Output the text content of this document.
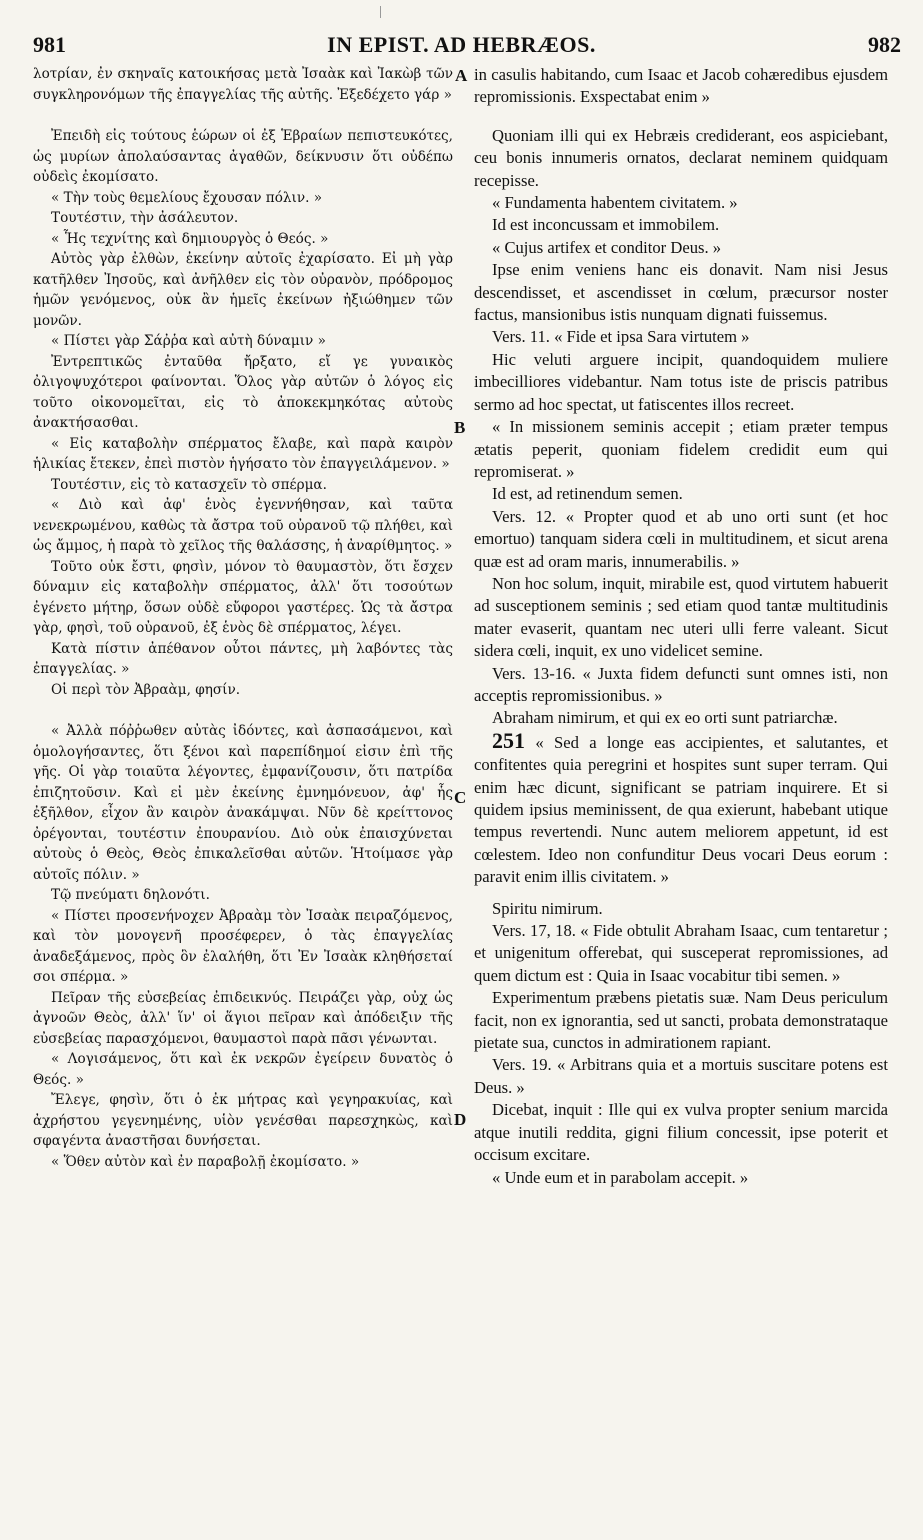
981	IN EPIST. AD HEBRÆOS.	982
A
B
C
D

λοτρίαν, ἐν σκηναῖς κατοικήσας μετὰ Ἰσαὰκ καὶ Ἰακὼβ τῶν συγκληρονόμων τῆς ἐπαγγελίας τῆς αὐτῆς. Ἐξεδέχετο γάρ »

Ἐπειδὴ εἰς τούτους ἑώρων οἱ ἐξ Ἑβραίων πεπιστευκότες, ὡς μυρίων ἀπολαύσαντας ἀγαθῶν, δείκνυσιν ὅτι οὐδέπω οὐδεὶς ἐκομίσατο.

« Τὴν τοὺς θεμελίους ἔχουσαν πόλιν. »

Τουτέστιν, τὴν ἀσάλευτον.

« Ἧς τεχνίτης καὶ δημιουργὸς ὁ Θεός. »

Αὐτὸς γὰρ ἐλθὼν, ἐκείνην αὐτοῖς ἐχαρίσατο. Εἰ μὴ γὰρ κατῆλθεν Ἰησοῦς, καὶ ἀνῆλθεν εἰς τὸν οὐρανὸν, πρόδρομος ἡμῶν γενόμενος, οὐκ ἂν ἡμεῖς ἐκείνων ἠξιώθημεν τῶν μονῶν.

« Πίστει γὰρ Σάῤῥα καὶ αὐτὴ δύναμιν »

Ἐντρεπτικῶς ἐνταῦθα ἤρξατο, εἴ γε γυναικὸς ὀλιγοψυχότεροι φαίνονται. Ὅλος γὰρ αὐτῶν ὁ λόγος εἰς τοῦτο οἰκονομεῖται, εἰς τὸ ἀποκεκμηκότας αὐτοὺς ἀνακτήσασθαι.

« Εἰς καταβολὴν σπέρματος ἔλαβε, καὶ παρὰ καιρὸν ἡλικίας ἔτεκεν, ἐπεὶ πιστὸν ἡγήσατο τὸν ἐπαγγειλάμενον. »

Τουτέστιν, εἰς τὸ κατασχεῖν τὸ σπέρμα.

« Διὸ καὶ ἀφ' ἑνὸς ἐγεννήθησαν, καὶ ταῦτα νενεκρωμένου, καθὼς τὰ ἄστρα τοῦ οὐρανοῦ τῷ πλήθει, καὶ ὡς ἄμμος, ἡ παρὰ τὸ χεῖλος τῆς θαλάσσης, ἡ ἀναρίθμητος. »

Τοῦτο οὐκ ἔστι, φησὶν, μόνον τὸ θαυμαστὸν, ὅτι ἔσχεν δύναμιν εἰς καταβολὴν σπέρματος, ἀλλ' ὅτι τοσούτων ἐγένετο μήτηρ, ὅσων οὐδὲ εὔφοροι γαστέρες. Ὡς τὰ ἄστρα γὰρ, φησὶ, τοῦ οὐρανοῦ, ἐξ ἑνὸς δὲ σπέρματος, λέγει.

Κατὰ πίστιν ἀπέθανον οὗτοι πάντες, μὴ λαβόντες τὰς ἐπαγγελίας. »

Οἱ περὶ τὸν Ἀβραὰμ, φησίν.

« Ἀλλὰ πόῤῥωθεν αὐτὰς ἰδόντες, καὶ ἀσπασάμενοι, καὶ ὁμολογήσαντες, ὅτι ξένοι καὶ παρεπίδημοί εἰσιν ἐπὶ τῆς γῆς. Οἱ γὰρ τοιαῦτα λέγοντες, ἐμφανίζουσιν, ὅτι πατρίδα ἐπιζητοῦσιν. Καὶ εἰ μὲν ἐκείνης ἐμνημόνευον, ἀφ' ἧς ἐξῆλθον, εἶχον ἂν καιρὸν ἀνακάμψαι. Νῦν δὲ κρείττονος ὀρέγονται, τουτέστιν ἐπουρανίου. Διὸ οὐκ ἐπαισχύνεται αὐτοὺς ὁ Θεὸς, Θεὸς ἐπικαλεῖσθαι αὐτῶν. Ἡτοίμασε γὰρ αὐτοῖς πόλιν. »

Τῷ πνεύματι δηλονότι.

« Πίστει προσενήνοχεν Ἀβραὰμ τὸν Ἰσαὰκ πειραζόμενος, καὶ τὸν μονογενῆ προσέφερεν, ὁ τὰς ἐπαγγελίας ἀναδεξάμενος, πρὸς ὃν ἐλαλήθη, ὅτι Ἐν Ἰσαὰκ κληθήσεταί σοι σπέρμα. »

Πεῖραν τῆς εὐσεβείας ἐπιδεικνύς. Πειράζει γὰρ, οὐχ ὡς ἀγνοῶν Θεὸς, ἀλλ' ἵν' οἱ ἅγιοι πεῖραν καὶ ἀπόδειξιν τῆς εὐσεβείας παρασχόμενοι, θαυμαστοὶ παρὰ πᾶσι γένωνται.

« Λογισάμενος, ὅτι καὶ ἐκ νεκρῶν ἐγείρειν δυνατὸς ὁ Θεός. »

Ἔλεγε, φησὶν, ὅτι ὁ ἐκ μήτρας καὶ γεγηρακυίας, καὶ ἀχρήστου γεγενημένης, υἱὸν γενέσθαι παρεσχηκὼς, καὶ σφαγέντα ἀναστῆσαι δυνήσεται.

« Ὅθεν αὐτὸν καὶ ἐν παραβολῇ ἐκομίσατο. »

in casulis habitando, cum Isaac et Jacob cohæredibus ejusdem repromissionis. Exspectabat enim »

Quoniam illi qui ex Hebræis crediderant, eos aspiciebant, ceu bonis innumeris ornatos, declarat neminem quidquam recepisse.

« Fundamenta habentem civitatem. »

Id est inconcussam et immobilem.

« Cujus artifex et conditor Deus. »

Ipse enim veniens hanc eis donavit. Nam nisi Jesus descendisset, et ascendisset in cœlum, præcursor noster factus, mansionibus istis nunquam dignati fuissemus.

Vers. 11. « Fide et ipsa Sara virtutem »

Hic veluti arguere incipit, quandoquidem muliere imbecilliores videbantur. Nam totus iste de priscis patribus sermo ad hoc spectat, ut fatiscentes illos recreet.

« In missionem seminis accepit ; etiam præter tempus ætatis peperit, quoniam fidelem credidit eum qui repromiserat. »

Id est, ad retinendum semen.

Vers. 12. « Propter quod et ab uno orti sunt (et hoc emortuo) tanquam sidera cœli in multitudinem, et sicut arena quæ est ad oram maris, innumerabilis. »

Non hoc solum, inquit, mirabile est, quod virtutem habuerit ad susceptionem seminis ; sed etiam quod tantæ multitudinis mater evaserit, quantam nec uteri ulli ferre valeant. Sicut sidera cœli, inquit, ex uno videlicet semine.

Vers. 13-16. « Juxta fidem defuncti sunt omnes isti, non acceptis repromissionibus. »

Abraham nimirum, et qui ex eo orti sunt patriarchæ.

251 « Sed a longe eas accipientes, et salutantes, et confitentes quia peregrini et hospites sunt super terram. Qui enim hæc dicunt, significant se patriam inquirere. Et si quidem ipsius meminissent, de qua exierunt, habebant utique tempus revertendi. Nunc autem meliorem appetunt, id est cœlestem. Ideo non confunditur Deus vocari Deus eorum : paravit enim illis civitatem. »

Spiritu nimirum.

Vers. 17, 18. « Fide obtulit Abraham Isaac, cum tentaretur ; et unigenitum offerebat, qui susceperat repromissiones, ad quem dictum est : Quia in Isaac vocabitur tibi semen. »

Experimentum præbens pietatis suæ. Nam Deus periculum facit, non ex ignorantia, sed ut sancti, probata demonstrataque pietate sua, cunctos in admirationem rapiant.

Vers. 19. « Arbitrans quia et a mortuis suscitare potens est Deus. »

Dicebat, inquit : Ille qui ex vulva propter senium marcida atque inutili reddita, gigni filium concessit, ipse poterit et occisum excitare.

« Unde eum et in parabolam accepit. »
